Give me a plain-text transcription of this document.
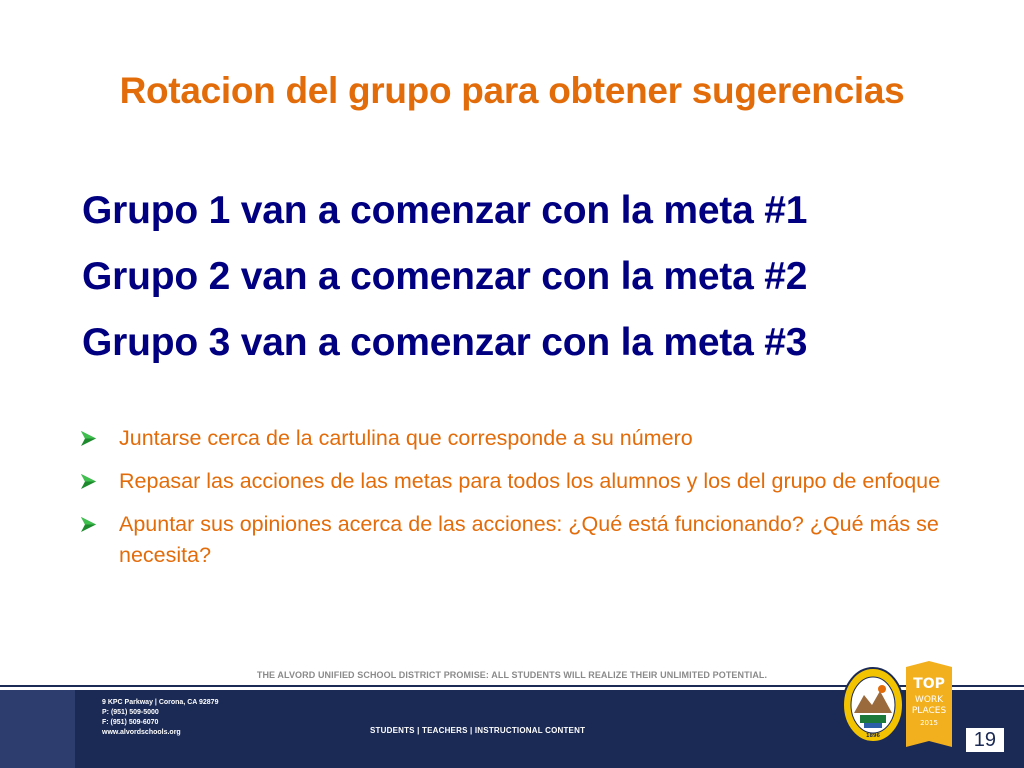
Rotacion del grupo para obtener sugerencias
Grupo 1 van a comenzar con la meta #1
Grupo 2 van a comenzar con la meta #2
Grupo 3 van a comenzar con la meta #3
Juntarse cerca de la cartulina que corresponde a su número
Repasar las acciones de las metas para todos los alumnos y los del grupo de enfoque
Apuntar sus opiniones acerca de las acciones: ¿Qué está funcionando? ¿Qué más se necesita?
THE ALVORD UNIFIED SCHOOL DISTRICT PROMISE: ALL STUDENTS WILL REALIZE THEIR UNLIMITED POTENTIAL.
9 KPC Parkway | Corona, CA 92879
P: (951) 509-5000
F: (951) 509-6070
www.alvordschools.org	STUDENTS | TEACHERS | INSTRUCTIONAL CONTENT
1896
TOP
WORK
PLACES
2015
19
